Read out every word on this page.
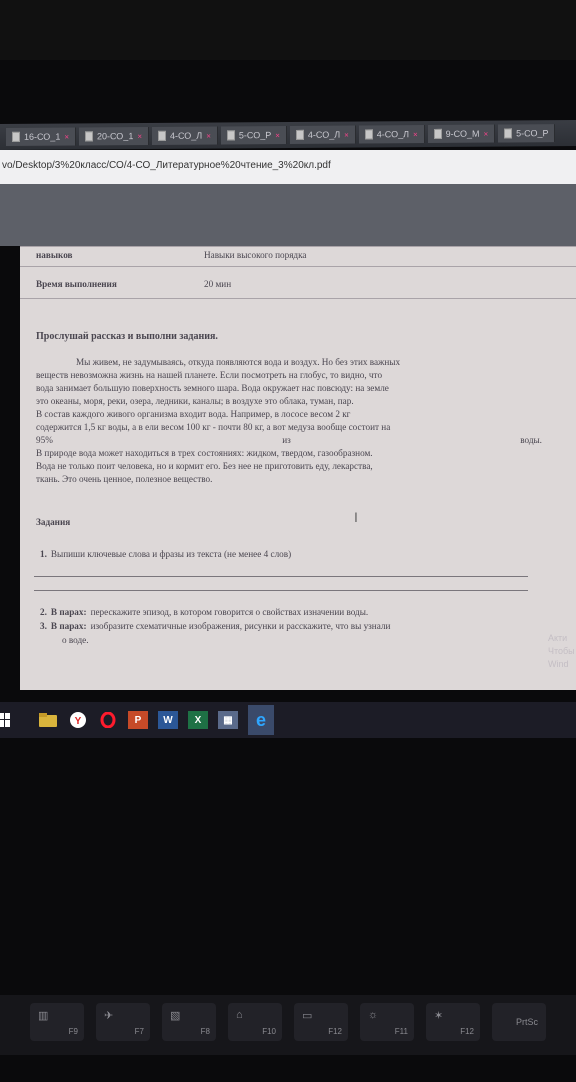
16-СО_1 ×	20-СО_1 ×	4-СО_Л ×	5-СО_Р ×	4-СО_Л ×	4-СО_Л ×	9-СО_М ×	5-СО_Р
vo/Desktop/3%20класс/СО/4-СО_Литературное%20чтение_3%20кл.pdf
навыков	Навыки высокого порядка
Время выполнения	20 мин
Прослушай рассказ и выполни задания.

Мы живем, не задумываясь, откуда появляются вода и воздух. Но без этих важных

веществ невозможна жизнь на нашей планете. Если посмотреть на глобус, то видно, что

вода занимает большую поверхность земного шара. Вода окружает нас повсюду: на земле

это океаны, моря, реки, озера, ледники, каналы; в воздухе это облака, туман, пар.

В состав каждого живого организма входит вода. Например, в лососе весом 2 кг

содержится 1,5 кг воды, а в ели весом 100 кг - почти 80 кг, а вот медуза вообще состоит на

95%	из	воды.

В природе вода может находиться в трех состояниях: жидком, твердом, газообразном.

Вода не только поит человека, но и кормит его. Без нее не приготовить еду, лекарства,

ткань. Это очень ценное, полезное вещество.

Задания	I
1. Выпиши ключевые слова и фразы из текста (не менее 4 слов)
2. В парах: перескажите эпизод, в котором говорится о свойствах изначении воды.
3. В парах: изобразите схематичные изображения, рисунки и расскажите, что вы узнали
о воде.	Акти
Чтобы
Wind
Y	P	W	X	▦	e
▥
F9
✈
F7
▧
F8
⌂
F10
▭
F12
☼
F11
✶
F12
PrtSc
